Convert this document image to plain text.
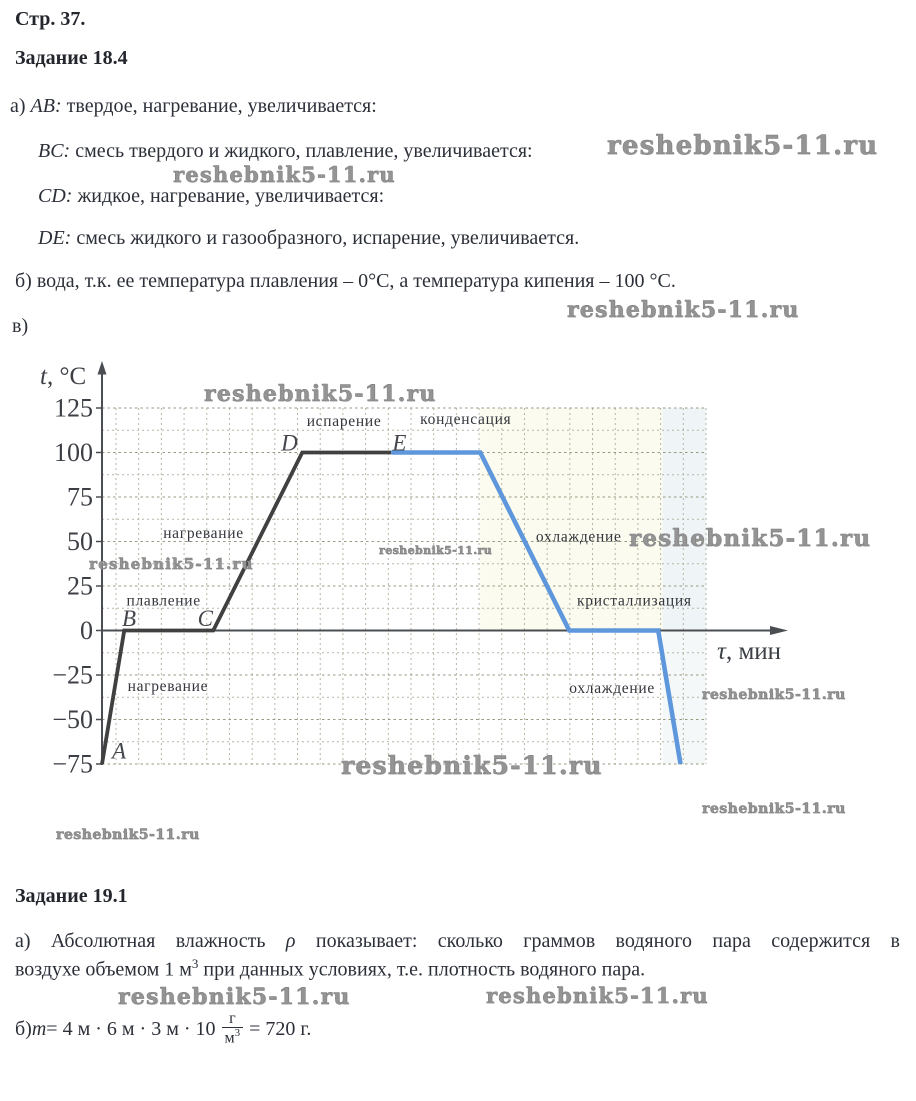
125
100
75
50
25
0
−25
−50
−75 A
B	C
D	E
испарение конденсация
нагревание
плавление
нагревание
охлаждение
кристаллизация
охлаждение
t, °C
τ, мин
Стр. 37.
Задание 18.4
а) AB: твердое, нагревание, увеличивается:
BC: смесь твердого и жидкого, плавление, увеличивается:
CD: жидкое, нагревание, увеличивается:
DE: смесь жидкого и газообразного, испарение, увеличивается.
б) вода, т.к. ее температура плавления – 0°С, а температура кипения – 100 °С.
в)
Задание 19.1
а) Абсолютная влажность ρ показывает: сколько граммов водяного пара содержится в
воздухе объемом 1 $м^3$ при данных условиях, т.е. плотность водяного пара.
б) m = 4 м · 6 м · 3 $м \cdot 10 \frac{г}{м^3} = 720$ г.
reshebnik5-11.ru
reshebnik5-11.ru
reshebnik5-11.ru
reshebnik5-11.ru
reshebnik5-11.ru
reshebnik5-11.ru	reshebnik5-11.ru
reshebnik5-11.ru
reshebnik5-11.ru
reshebnik5-11.ru
reshebnik5-11.ru
reshebnik5-11.ru	reshebnik5-11.ru
